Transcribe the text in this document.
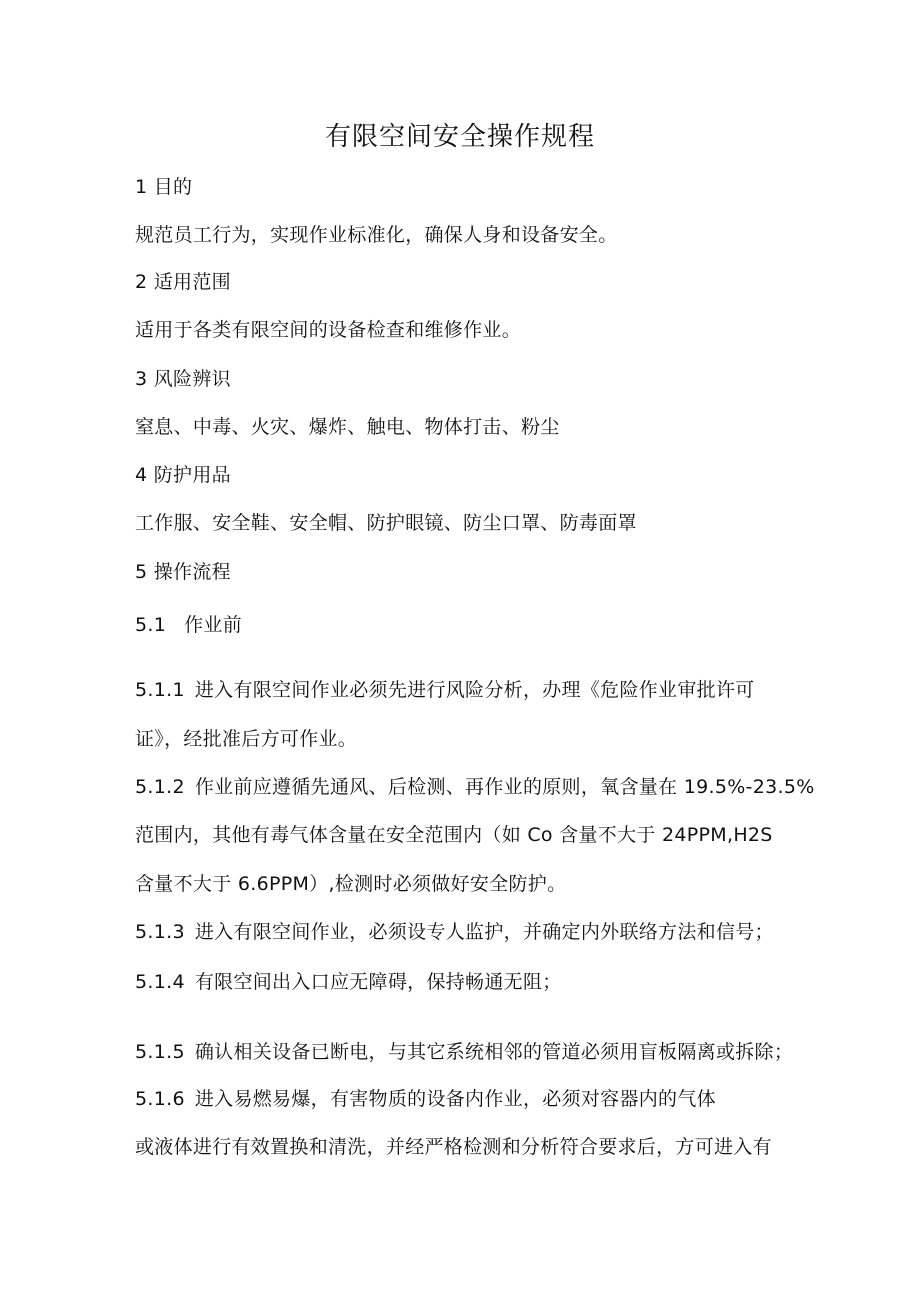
有限空间安全操作规程
1 目的
规范员工行为，实现作业标准化，确保人身和设备安全。
2 适用范围
适用于各类有限空间的设备检查和维修作业。
3 风险辨识
窒息、中毒、火灾、爆炸、触电、物体打击、粉尘
4 防护用品
工作服、安全鞋、安全帽、防护眼镜、防尘口罩、防毒面罩
5 操作流程
5.1 作业前
5.1.1 进入有限空间作业必须先进行风险分析，办理《危险作业审批许可
证》，经批准后方可作业。
5.1.2 作业前应遵循先通风、后检测、再作业的原则，氧含量在 19.5%-23.5%
范围内，其他有毒气体含量在安全范围内（如 Co 含量不大于 24PPM,H2S
含量不大于 6.6PPM）,检测时必须做好安全防护。
5.1.3 进入有限空间作业，必须设专人监护，并确定内外联络方法和信号；
5.1.4 有限空间出入口应无障碍，保持畅通无阻；
5.1.5 确认相关设备已断电，与其它系统相邻的管道必须用盲板隔离或拆除；
5.1.6 进入易燃易爆，有害物质的设备内作业，必须对容器内的气体
或液体进行有效置换和清洗，并经严格检测和分析符合要求后，方可进入有
